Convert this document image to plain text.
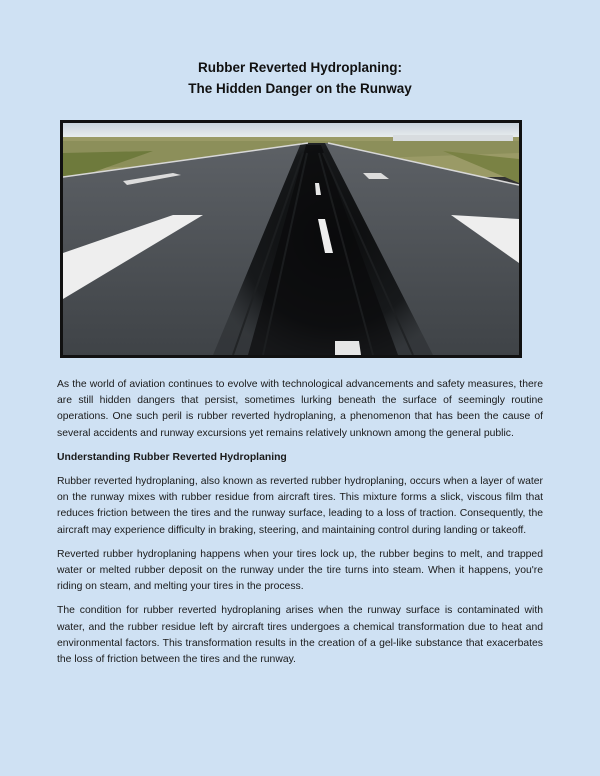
Rubber Reverted Hydroplaning:
The Hidden Danger on the Runway

As the world of aviation continues to evolve with technological advancements and safety measures, there are still hidden dangers that persist, sometimes lurking beneath the surface of seemingly routine operations. One such peril is rubber reverted hydroplaning, a phenomenon that has been the cause of several accidents and runway excursions yet remains relatively unknown among the general public.

Understanding Rubber Reverted Hydroplaning

Rubber reverted hydroplaning, also known as reverted rubber hydroplaning, occurs when a layer of water on the runway mixes with rubber residue from aircraft tires. This mixture forms a slick, viscous film that reduces friction between the tires and the runway surface, leading to a loss of traction. Consequently, the aircraft may experience difficulty in braking, steering, and maintaining control during landing or takeoff.

Reverted rubber hydroplaning happens when your tires lock up, the rubber begins to melt, and trapped water or melted rubber deposit on the runway under the tire turns into steam. When it happens, you're riding on steam, and melting your tires in the process.

The condition for rubber reverted hydroplaning arises when the runway surface is contaminated with water, and the rubber residue left by aircraft tires undergoes a chemical transformation due to heat and environmental factors. This transformation results in the creation of a gel-like substance that exacerbates the loss of friction between the tires and the runway.
